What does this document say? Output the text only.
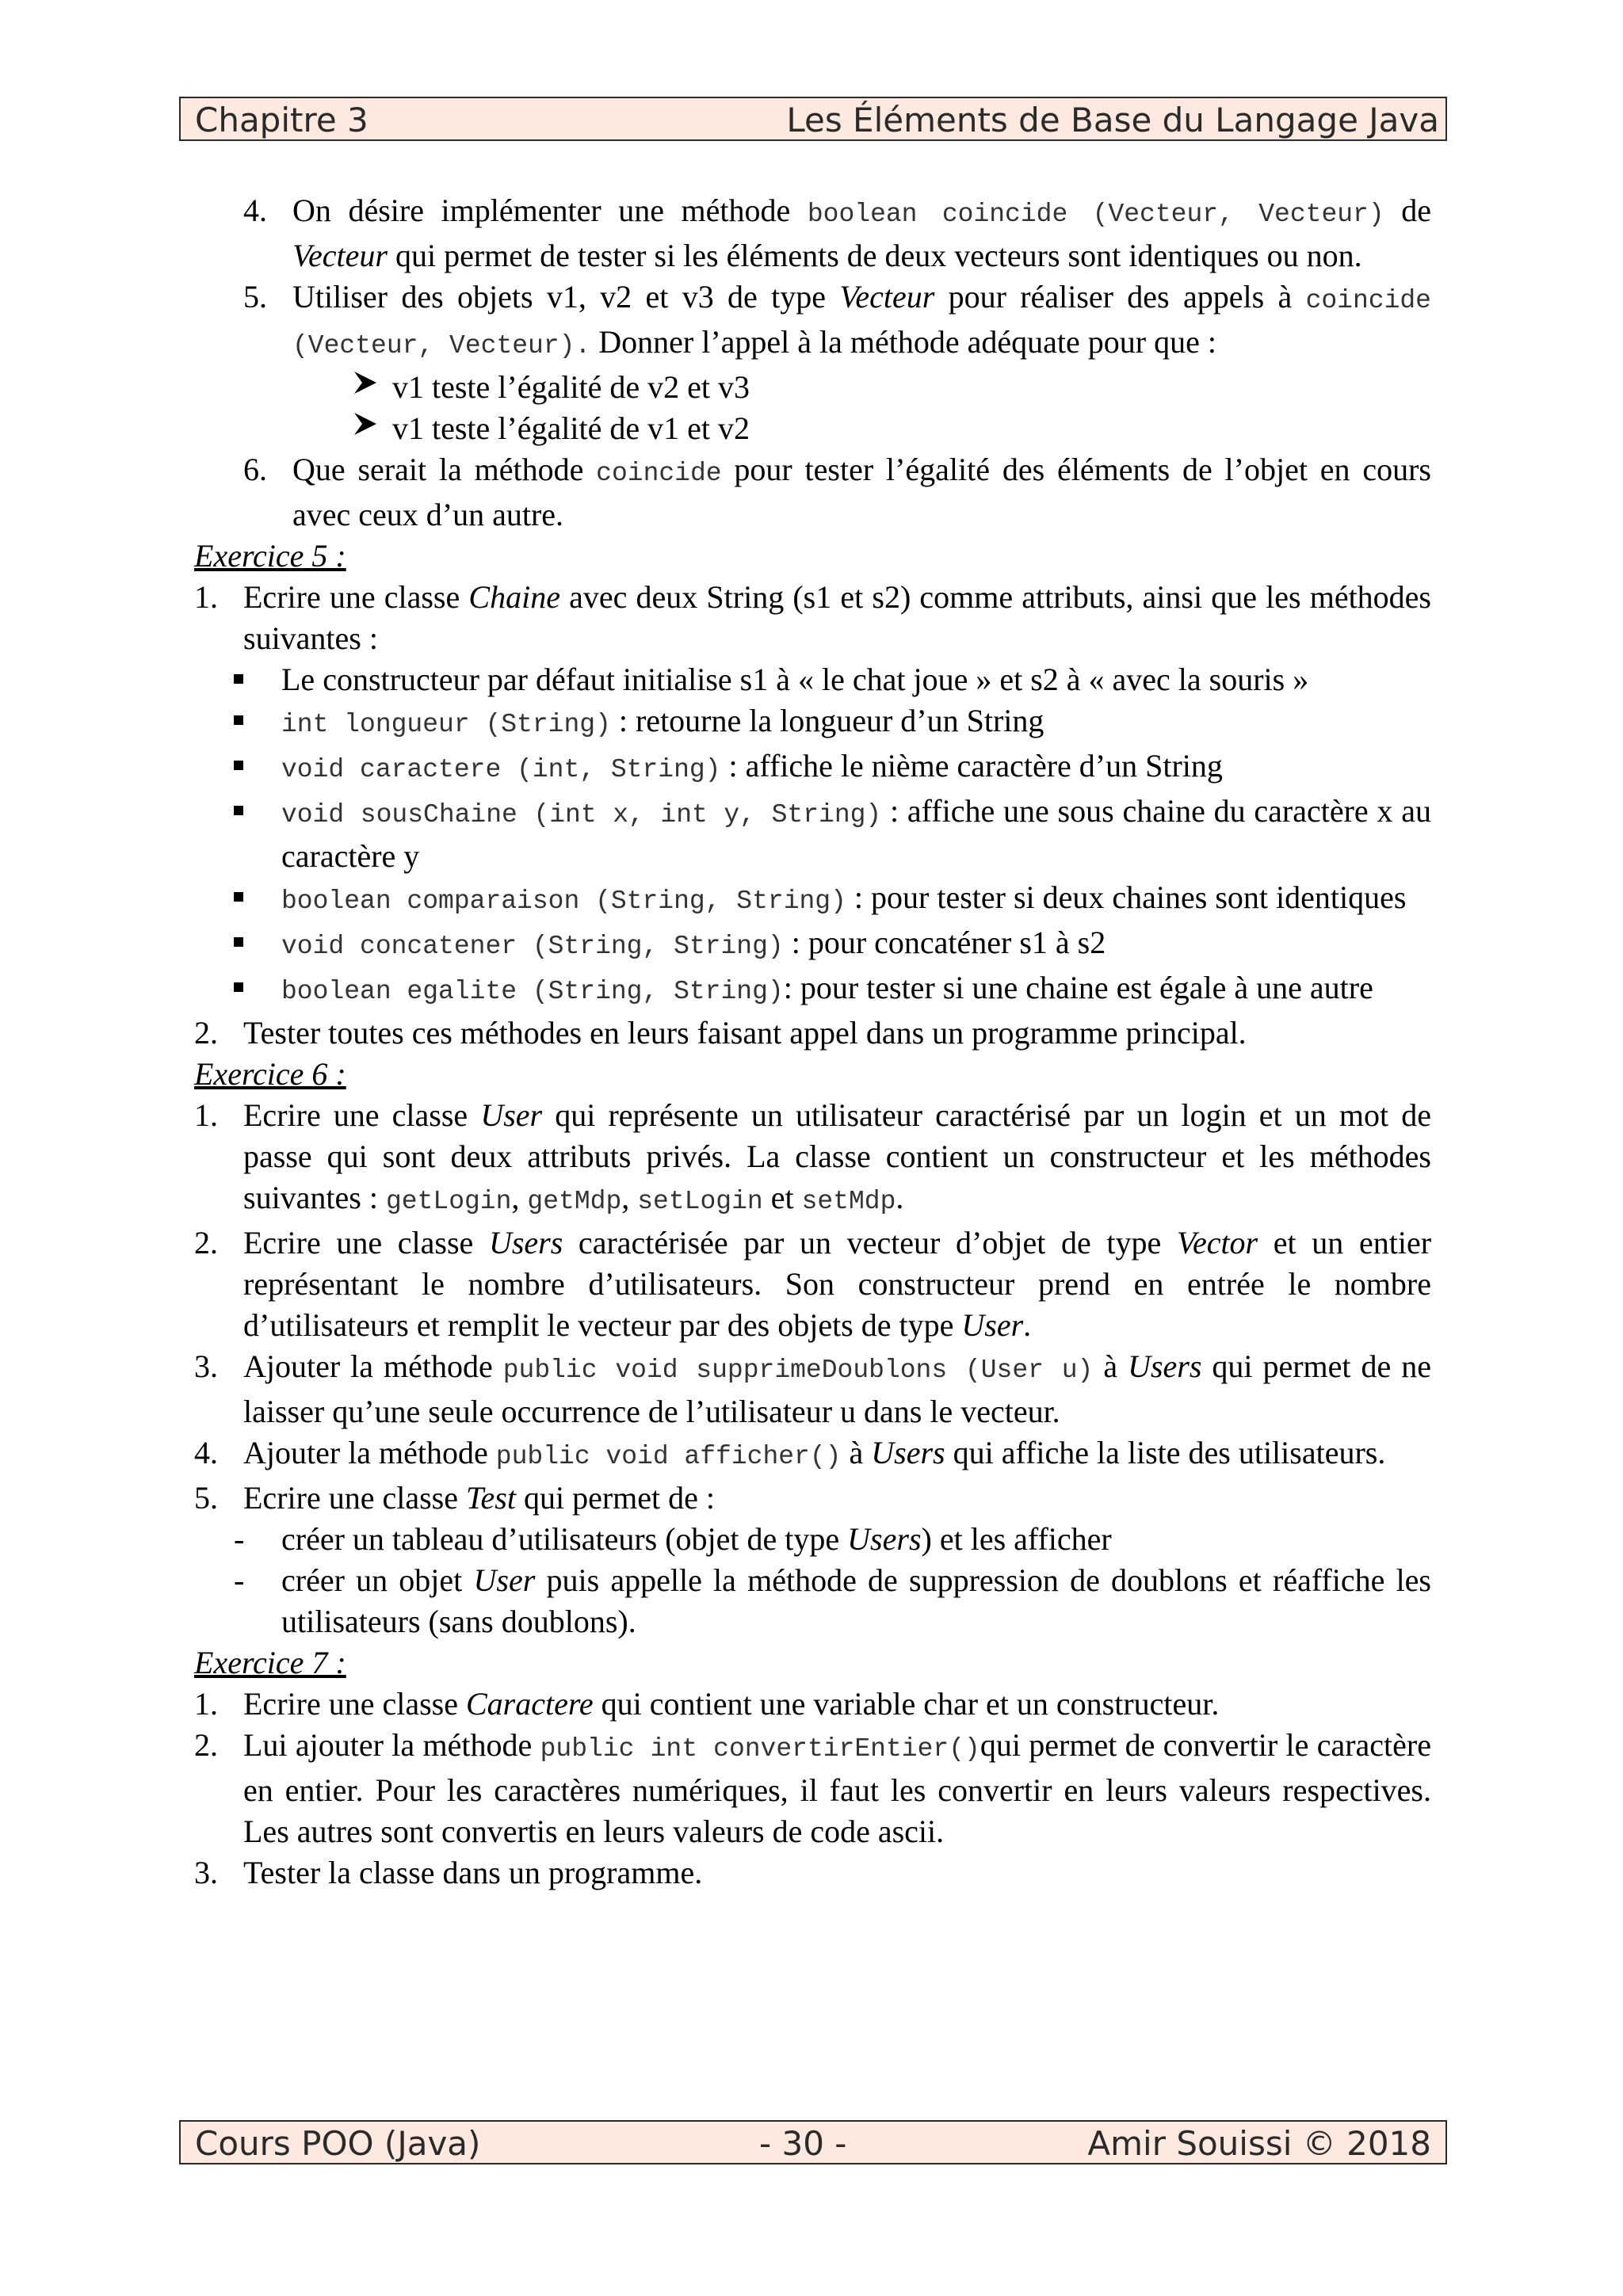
Chapitre 3	Les Éléments de Base du Langage Java
4. On désire implémenter une méthode boolean coincide (Vecteur, Vecteur) de Vecteur qui permet de tester si les éléments de deux vecteurs sont identiques ou non.
5. Utiliser des objets v1, v2 et v3 de type Vecteur pour réaliser des appels à coincide (Vecteur, Vecteur). Donner l’appel à la méthode adéquate pour que :
v1 teste l’égalité de v2 et v3
v1 teste l’égalité de v1 et v2
6. Que serait la méthode coincide pour tester l’égalité des éléments de l’objet en cours avec ceux d’un autre.

Exercice 5 :

1. Ecrire une classe Chaine avec deux String (s1 et s2) comme attributs, ainsi que les méthodes suivantes :
Le constructeur par défaut initialise s1 à « le chat joue » et s2 à « avec la souris »
int longueur (String) : retourne la longueur d’un String
void caractere (int, String) : affiche le nième caractère d’un String
void sousChaine (int x, int y, String) : affiche une sous chaine du caractère x au caractère y
boolean comparaison (String, String) : pour tester si deux chaines sont identiques
void concatener (String, String) : pour concaténer s1 à s2
boolean egalite (String, String): pour tester si une chaine est égale à une autre
2. Tester toutes ces méthodes en leurs faisant appel dans un programme principal.

Exercice 6 :

1. Ecrire une classe User qui représente un utilisateur caractérisé par un login et un mot de passe qui sont deux attributs privés. La classe contient un constructeur et les méthodes suivantes : getLogin, getMdp, setLogin et setMdp.
2. Ecrire une classe Users caractérisée par un vecteur d’objet de type Vector et un entier représentant le nombre d’utilisateurs. Son constructeur prend en entrée le nombre d’utilisateurs et remplit le vecteur par des objets de type User.
3. Ajouter la méthode public void supprimeDoublons (User u) à Users qui permet de ne laisser qu’une seule occurrence de l’utilisateur u dans le vecteur.
4. Ajouter la méthode public void afficher() à Users qui affiche la liste des utilisateurs.
5. Ecrire une classe Test qui permet de :
- créer un tableau d’utilisateurs (objet de type Users) et les afficher
- créer un objet User puis appelle la méthode de suppression de doublons et réaffiche les utilisateurs (sans doublons).

Exercice 7 :

1. Ecrire une classe Caractere qui contient une variable char et un constructeur.
2. Lui ajouter la méthode public int convertirEntier()qui permet de convertir le caractère en entier. Pour les caractères numériques, il faut les convertir en leurs valeurs respectives. Les autres sont convertis en leurs valeurs de code ascii.
3. Tester la classe dans un programme.
Cours POO (Java)	- 30 -	Amir Souissi © 2018
